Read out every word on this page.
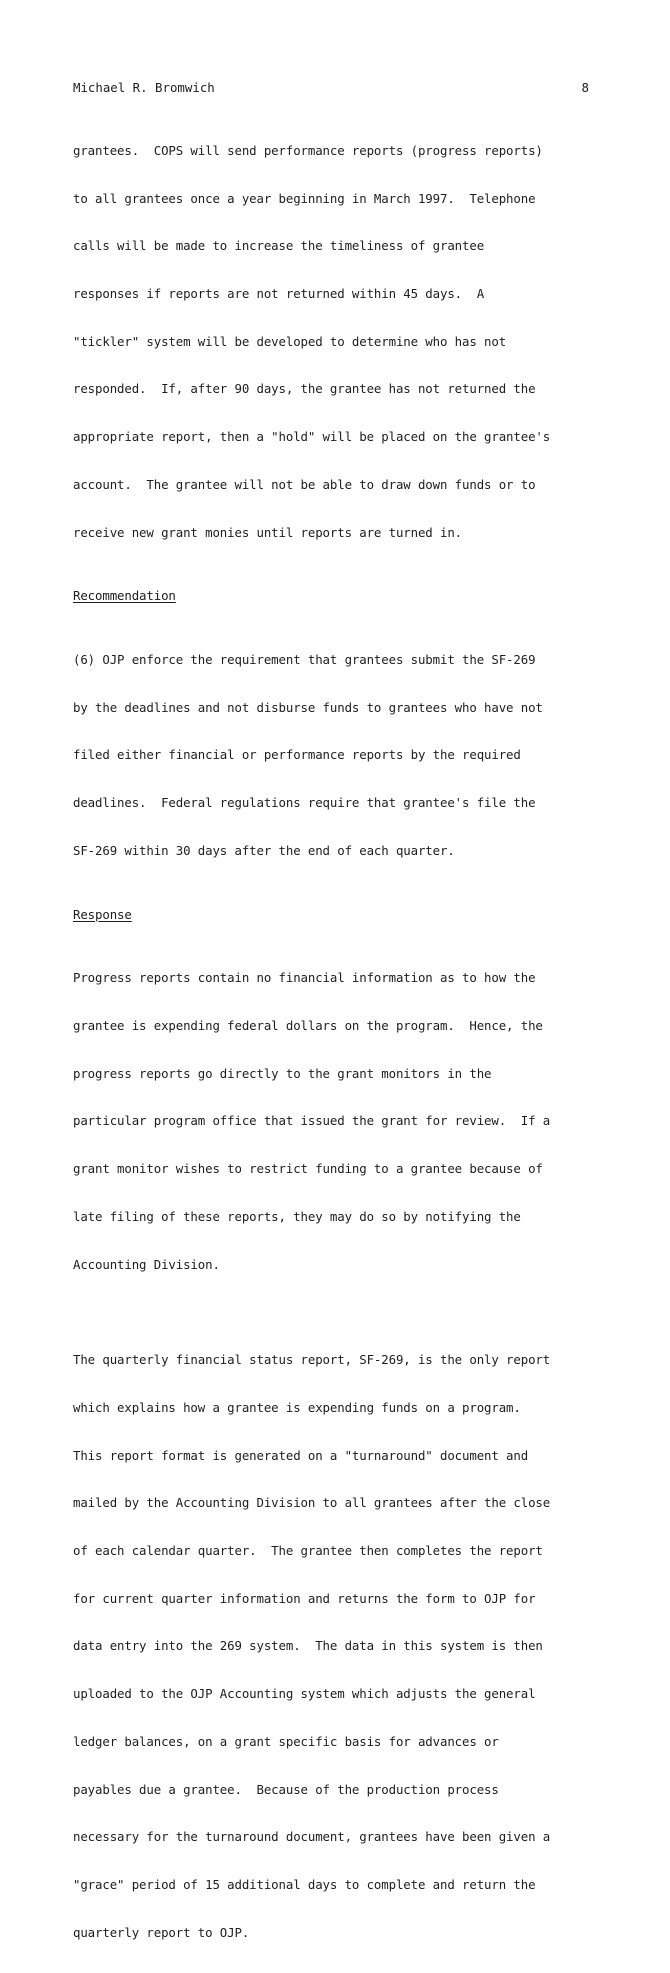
Michael R. Bromwich	8

grantees.  COPS will send performance reports (progress reports)

to all grantees once a year beginning in March 1997.  Telephone

calls will be made to increase the timeliness of grantee

responses if reports are not returned within 45 days.  A

"tickler" system will be developed to determine who has not

responded.  If, after 90 days, the grantee has not returned the

appropriate report, then a "hold" will be placed on the grantee's

account.  The grantee will not be able to draw down funds or to

receive new grant monies until reports are turned in.

Recommendation

(6) OJP enforce the requirement that grantees submit the SF-269

by the deadlines and not disburse funds to grantees who have not

filed either financial or performance reports by the required

deadlines.  Federal regulations require that grantee's file the

SF-269 within 30 days after the end of each quarter.

Response

Progress reports contain no financial information as to how the

grantee is expending federal dollars on the program.  Hence, the

progress reports go directly to the grant monitors in the

particular program office that issued the grant for review.  If a

grant monitor wishes to restrict funding to a grantee because of

late filing of these reports, they may do so by notifying the

Accounting Division.

The quarterly financial status report, SF-269, is the only report

which explains how a grantee is expending funds on a program.

This report format is generated on a "turnaround" document and

mailed by the Accounting Division to all grantees after the close

of each calendar quarter.  The grantee then completes the report

for current quarter information and returns the form to OJP for

data entry into the 269 system.  The data in this system is then

uploaded to the OJP Accounting system which adjusts the general

ledger balances, on a grant specific basis for advances or

payables due a grantee.  Because of the production process

necessary for the turnaround document, grantees have been given a

"grace" period of 15 additional days to complete and return the

quarterly report to OJP.
